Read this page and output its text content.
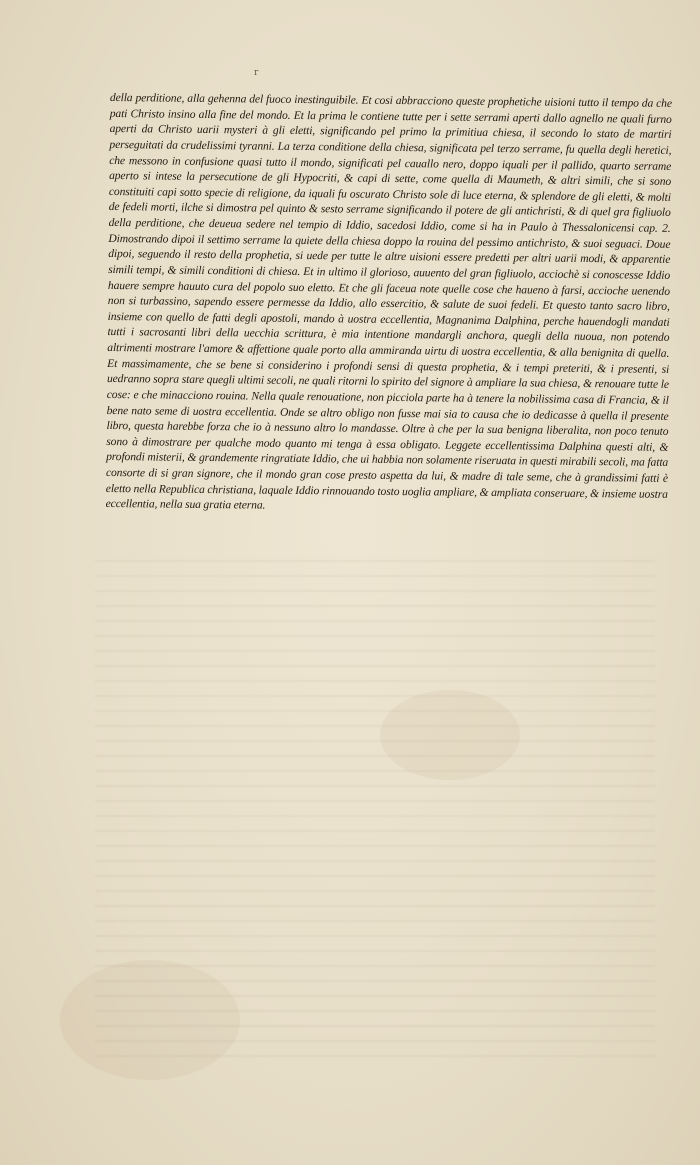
r

della perditione, alla gehenna del fuoco inestinguibile. Et cosi abbracciono queste prophetiche uisioni tutto il tempo da che pati Christo insino alla fine del mondo. Et la prima le contiene tutte per i sette serrami aperti dallo agnello ne quali furno aperti da Christo uarii mysteri à gli eletti, significando pel primo la primitiua chiesa, il secondo lo stato de martiri perseguitati da crudelissimi tyranni. La terza conditione della chiesa, significata pel terzo serrame, fu quella degli heretici, che messono in confusione quasi tutto il mondo, significati pel cauallo nero, doppo iquali per il pallido, quarto serrame aperto si intese la persecutione de gli Hypocriti, & capi di sette, come quella di Maumeth, & altri simili, che si sono constituiti capi sotto specie di religione, da iquali fu oscurato Christo sole di luce eterna, & splendore de gli eletti, & molti de fedeli morti, ilche si dimostra pel quinto & sesto serrame significando il potere de gli antichristi, & di quel gra figliuolo della perditione, che deueua sedere nel tempio di Iddio, sacedosi Iddio, come si ha in Paulo à Thessalonicensi cap. 2. Dimostrando dipoi il settimo serrame la quiete della chiesa doppo la rouina del pessimo antichristo, & suoi seguaci. Doue dipoi, seguendo il resto della prophetia, si uede per tutte le altre uisioni essere predetti per altri uarii modi, & apparentie simili tempi, & simili conditioni di chiesa. Et in ultimo il glorioso, auuento del gran figliuolo, acciochè si conoscesse Iddio hauere sempre hauuto cura del popolo suo eletto. Et che gli faceua note quelle cose che haueno à farsi, accioche uenendo non si turbassino, sapendo essere permesse da Iddio, allo essercitio, & salute de suoi fedeli. Et questo tanto sacro libro, insieme con quello de fatti degli apostoli, mando à uostra eccellentia, Magnanima Dalphina, perche hauendogli mandati tutti i sacrosanti libri della uecchia scrittura, è mia intentione mandargli anchora, quegli della nuoua, non potendo altrimenti mostrare l'amore & affettione quale porto alla ammiranda uirtu di uostra eccellentia, & alla benignita di quella. Et massimamente, che se bene si considerino i profondi sensi di questa prophetia, & i tempi preteriti, & i presenti, si uedranno sopra stare quegli ultimi secoli, ne quali ritorni lo spirito del signore à ampliare la sua chiesa, & renouare tutte le cose: e che minacciono rouina. Nella quale renouatione, non picciola parte ha à tenere la nobilissima casa di Francia, & il bene nato seme di uostra eccellentia. Onde se altro obligo non fusse mai sia to causa che io dedicasse à quella il presente libro, questa harebbe forza che io à nessuno altro lo mandasse. Oltre à che per la sua benigna liberalita, non poco tenuto sono à dimostrare per qualche modo quanto mi tenga à essa obligato. Leggete eccellentissima Dalphina questi alti, & profondi misterii, & grandemente ringratiate Iddio, che ui habbia non solamente riseruata in questi mirabili secoli, ma fatta consorte di si gran signore, che il mondo gran cose presto aspetta da lui, & madre di tale seme, che à grandissimi fatti è eletto nella Republica christiana, laquale Iddio rinnouando tosto uoglia ampliare, & ampliata conseruare, & insieme uostra eccellentia, nella sua gratia eterna.
